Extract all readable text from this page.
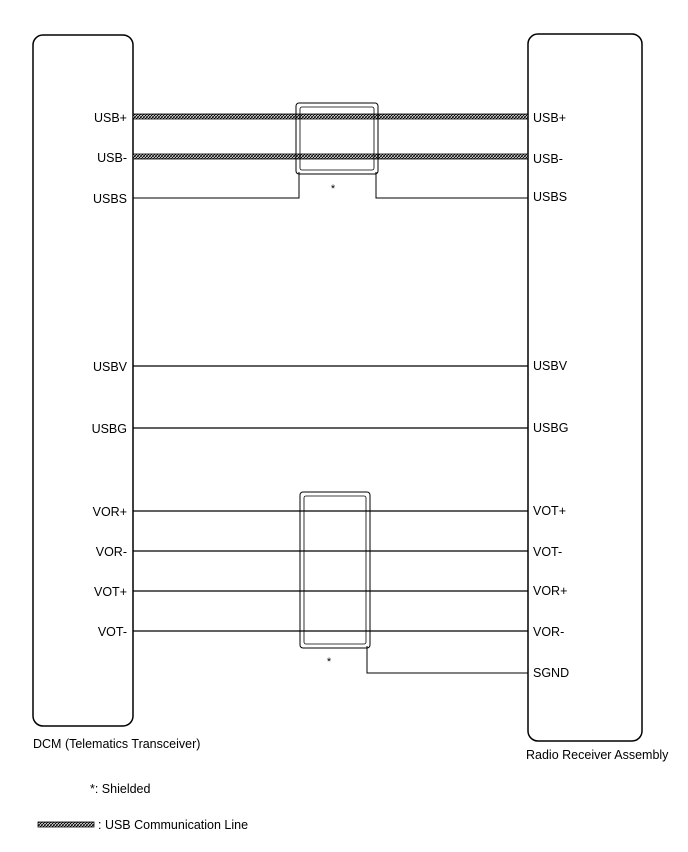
USB+
USB-
USBS
USBV
USBG
VOR+
VOR-
VOT+
VOT-
USB+
USB-
USBS
USBV
USBG
VOT+
VOT-
VOR+
VOR-
SGND
*
*
DCM (Telematics Transceiver)
Radio Receiver Assembly
*: Shielded
: USB Communication Line
